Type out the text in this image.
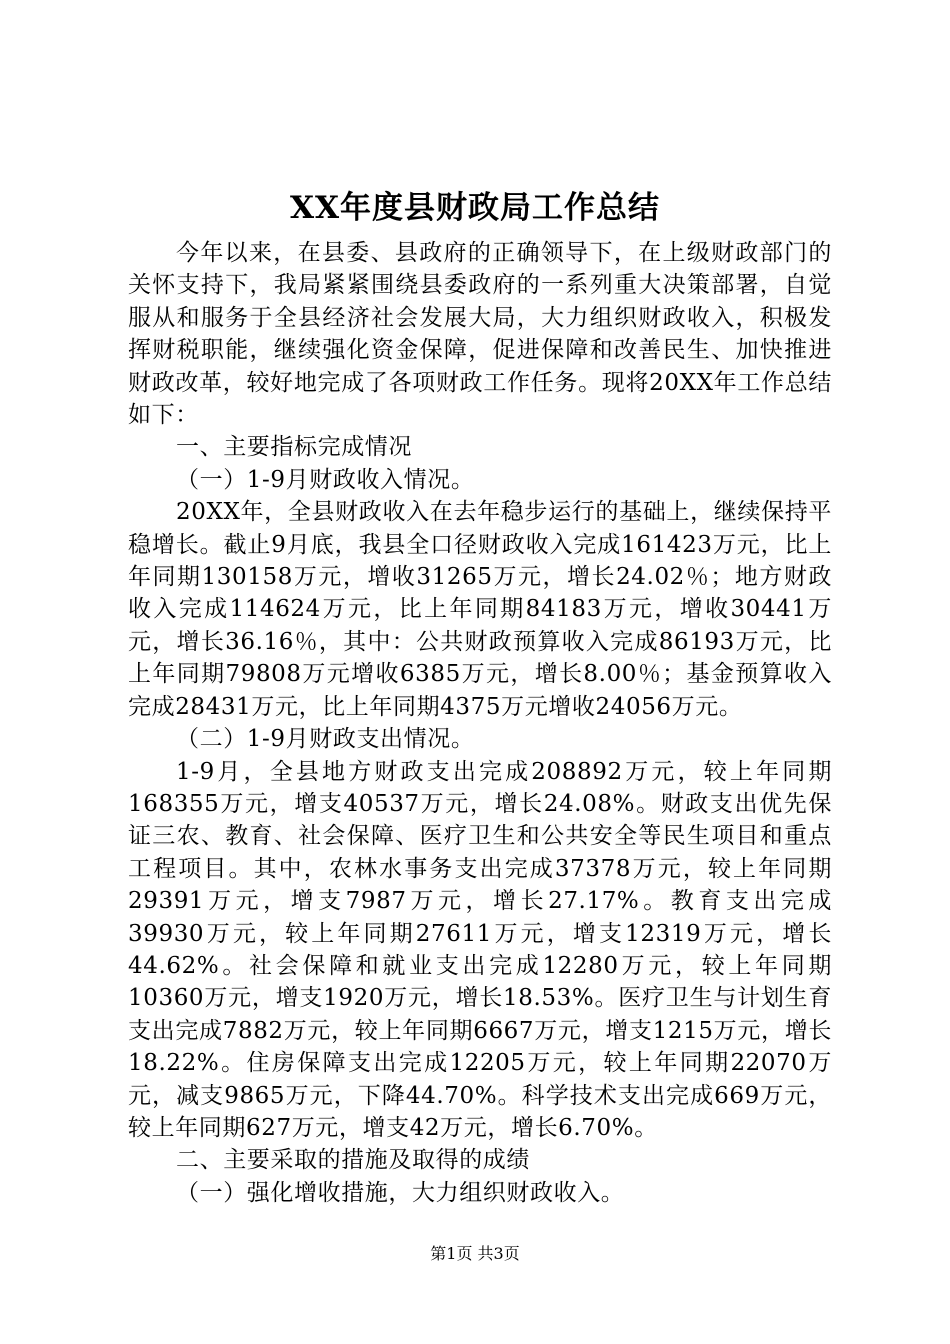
XX年度县财政局工作总结

今年以来，在县委、县政府的正确领导下，在上级财政部门的关怀支持下，我局紧紧围绕县委政府的一系列重大决策部署，自觉服从和服务于全县经济社会发展大局，大力组织财政收入，积极发挥财税职能，继续强化资金保障，促进保障和改善民生、加快推进财政改革，较好地完成了各项财政工作任务。现将20XX年工作总结如下：

一、主要指标完成情况

（一）1-9月财政收入情况。

20XX年，全县财政收入在去年稳步运行的基础上，继续保持平稳增长。截止9月底，我县全口径财政收入完成161423万元，比上年同期130158万元，增收31265万元，增长24.02％；地方财政收入完成114624万元，比上年同期84183万元，增收30441万元，增长36.16％，其中：公共财政预算收入完成86193万元，比上年同期79808万元增收6385万元，增长8.00％；基金预算收入完成28431万元，比上年同期4375万元增收24056万元。

（二）1-9月财政支出情况。

1-9月，全县地方财政支出完成208892万元，较上年同期168355万元，增支40537万元，增长24.08%。财政支出优先保证三农、教育、社会保障、医疗卫生和公共安全等民生项目和重点工程项目。其中，农林水事务支出完成37378万元，较上年同期29391万元，增支7987万元，增长27.17%。教育支出完成39930万元，较上年同期27611万元，增支12319万元，增长44.62%。社会保障和就业支出完成12280万元，较上年同期10360万元，增支1920万元，增长18.53%。医疗卫生与计划生育支出完成7882万元，较上年同期6667万元，增支1215万元，增长18.22%。住房保障支出完成12205万元，较上年同期22070万元，减支9865万元，下降44.70%。科学技术支出完成669万元，较上年同期627万元，增支42万元，增长6.70%。

二、主要采取的措施及取得的成绩

（一）强化增收措施，大力组织财政收入。

第1页 共3页
